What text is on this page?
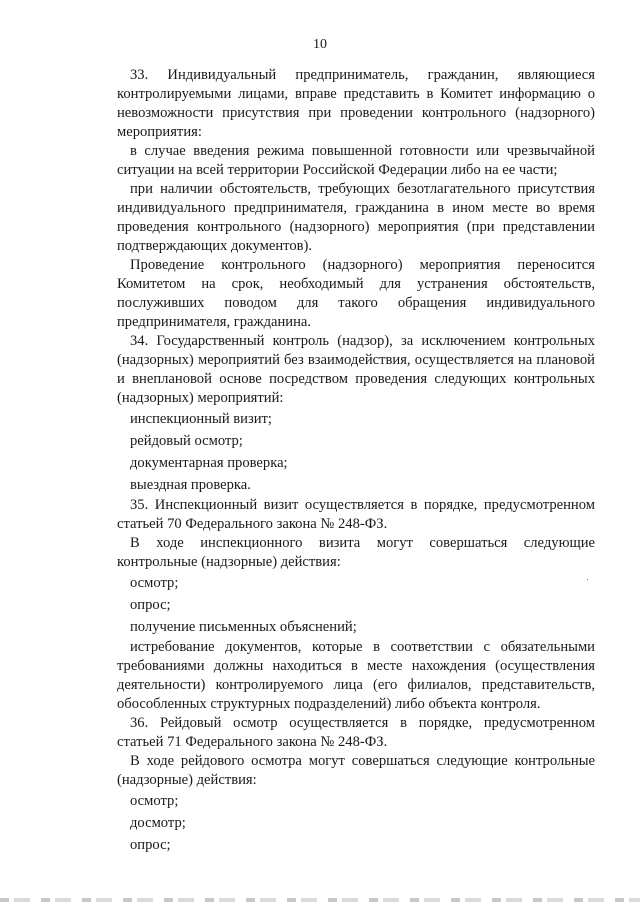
10

33. Индивидуальный предприниматель, гражданин, являющиеся контролируемыми лицами, вправе представить в Комитет информацию о невозможности присутствия при проведении контрольного (надзорного) мероприятия:

в случае введения режима повышенной готовности или чрезвычайной ситуации на всей территории Российской Федерации либо на ее части;

при наличии обстоятельств, требующих безотлагательного присутствия индивидуального предпринимателя, гражданина в ином месте во время проведения контрольного (надзорного) мероприятия (при представлении подтверждающих документов).

Проведение контрольного (надзорного) мероприятия переносится Комитетом на срок, необходимый для устранения обстоятельств, послуживших поводом для такого обращения индивидуального предпринимателя, гражданина.

34. Государственный контроль (надзор), за исключением контрольных (надзорных) мероприятий без взаимодействия, осуществляется на плановой и внеплановой основе посредством проведения следующих контрольных (надзорных) мероприятий:

инспекционный визит;

рейдовый осмотр;

документарная проверка;

выездная проверка.

35. Инспекционный визит осуществляется в порядке, предусмотренном статьей 70 Федерального закона № 248-ФЗ.

В ходе инспекционного визита могут совершаться следующие контрольные (надзорные) действия:

осмотр;

опрос;

получение письменных объяснений;

истребование документов, которые в соответствии с обязательными требованиями должны находиться в месте нахождения (осуществления деятельности) контролируемого лица (его филиалов, представительств, обособленных структурных подразделений) либо объекта контроля.

36. Рейдовый осмотр осуществляется в порядке, предусмотренном статьей 71 Федерального закона № 248-ФЗ.

В ходе рейдового осмотра могут совершаться следующие контрольные (надзорные) действия:

осмотр;

досмотр;

опрос;
